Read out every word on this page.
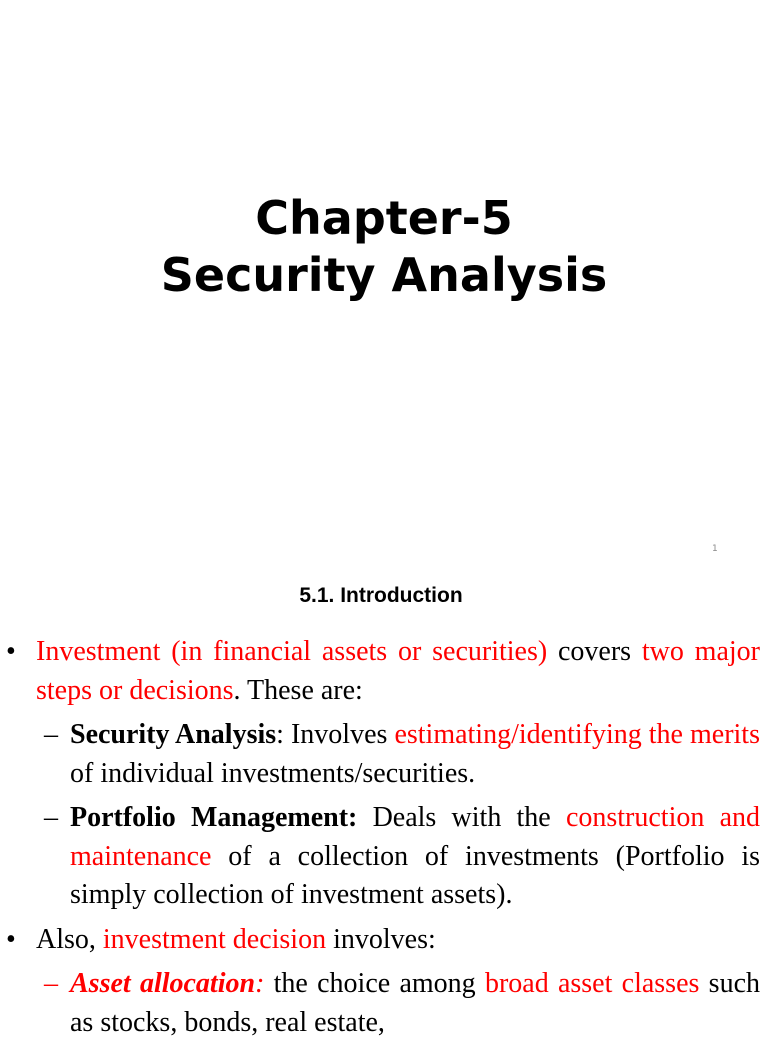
Chapter-5
Security Analysis
1
5.1. Introduction
• Investment (in financial assets or securities) covers two major steps or decisions. These are:
– Security Analysis: Involves estimating/identifying the merits of individual investments/securities.
– Portfolio Management: Deals with the construction and maintenance of a collection of investments (Portfolio is simply collection of investment assets).
• Also, investment decision involves:
– Asset allocation: the choice among broad asset classes such as stocks, bonds, real estate,
